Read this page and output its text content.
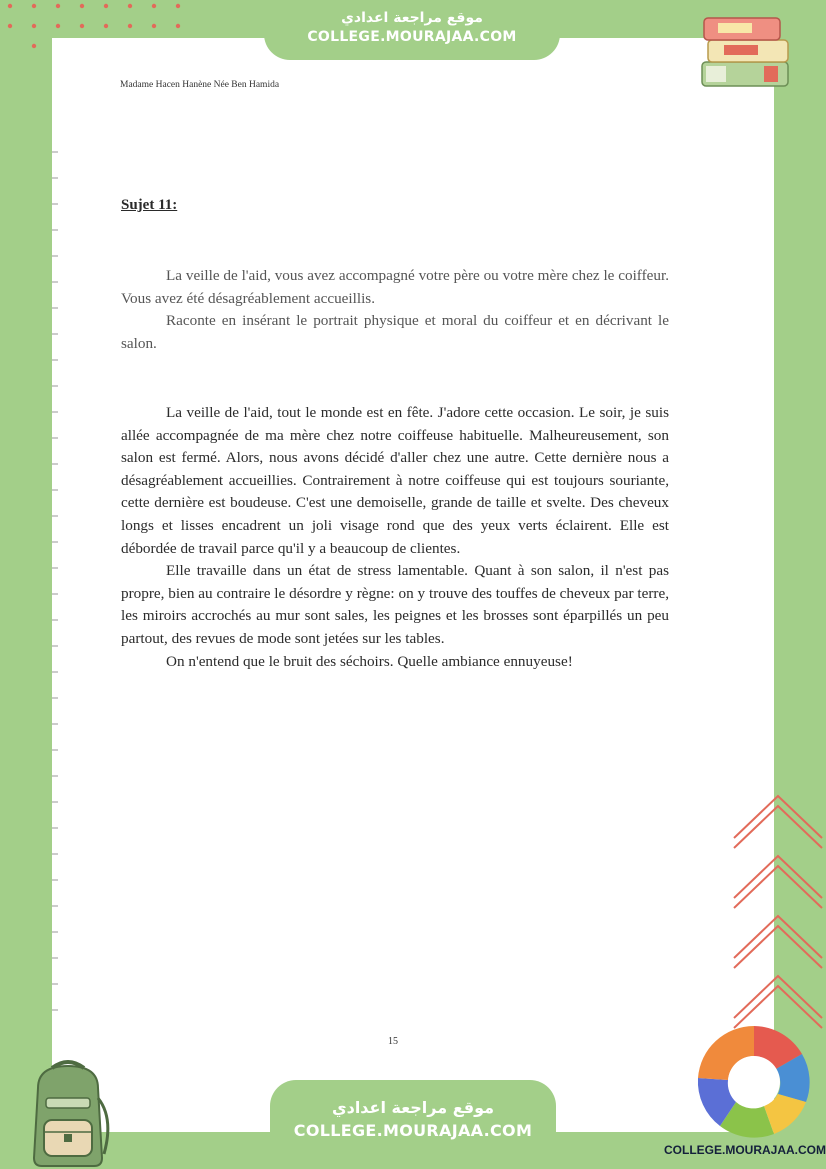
Madame Hacen Hanène Née Ben Hamida
Sujet 11:

La veille de l'aid, vous avez accompagné votre père ou votre mère chez le coiffeur. Vous avez été désagréablement accueillis.

Raconte en insérant le portrait physique et moral du coiffeur et en décrivant le salon.

La veille de l'aid, tout le monde est en fête. J'adore cette occasion. Le soir, je suis allée accompagnée de ma mère chez notre coiffeuse habituelle. Malheureusement, son salon est fermé. Alors, nous avons décidé d'aller chez une autre. Cette dernière nous a désagréablement accueillies. Contrairement à notre coiffeuse qui est toujours souriante, cette dernière est boudeuse. C'est une demoiselle, grande de taille et svelte. Des cheveux longs et lisses encadrent un joli visage rond que des yeux verts éclairent. Elle est débordée de travail parce qu'il y a beaucoup de clientes.

Elle travaille dans un état de stress lamentable. Quant à son salon, il n'est pas propre, bien au contraire le désordre y règne: on y trouve des touffes de cheveux par terre, les miroirs accrochés au mur sont sales, les peignes et les brosses sont éparpillés un peu partout, des revues de mode sont jetées sur les tables.

On n'entend que le bruit des séchoirs. Quelle ambiance ennuyeuse!

15
موقع مراجعة اعدادي
COLLEGE.MOURAJAA.COM
موقع مراجعة اعدادي
COLLEGE.MOURAJAA.COM
COLLEGE.MOURAJAA.COM
